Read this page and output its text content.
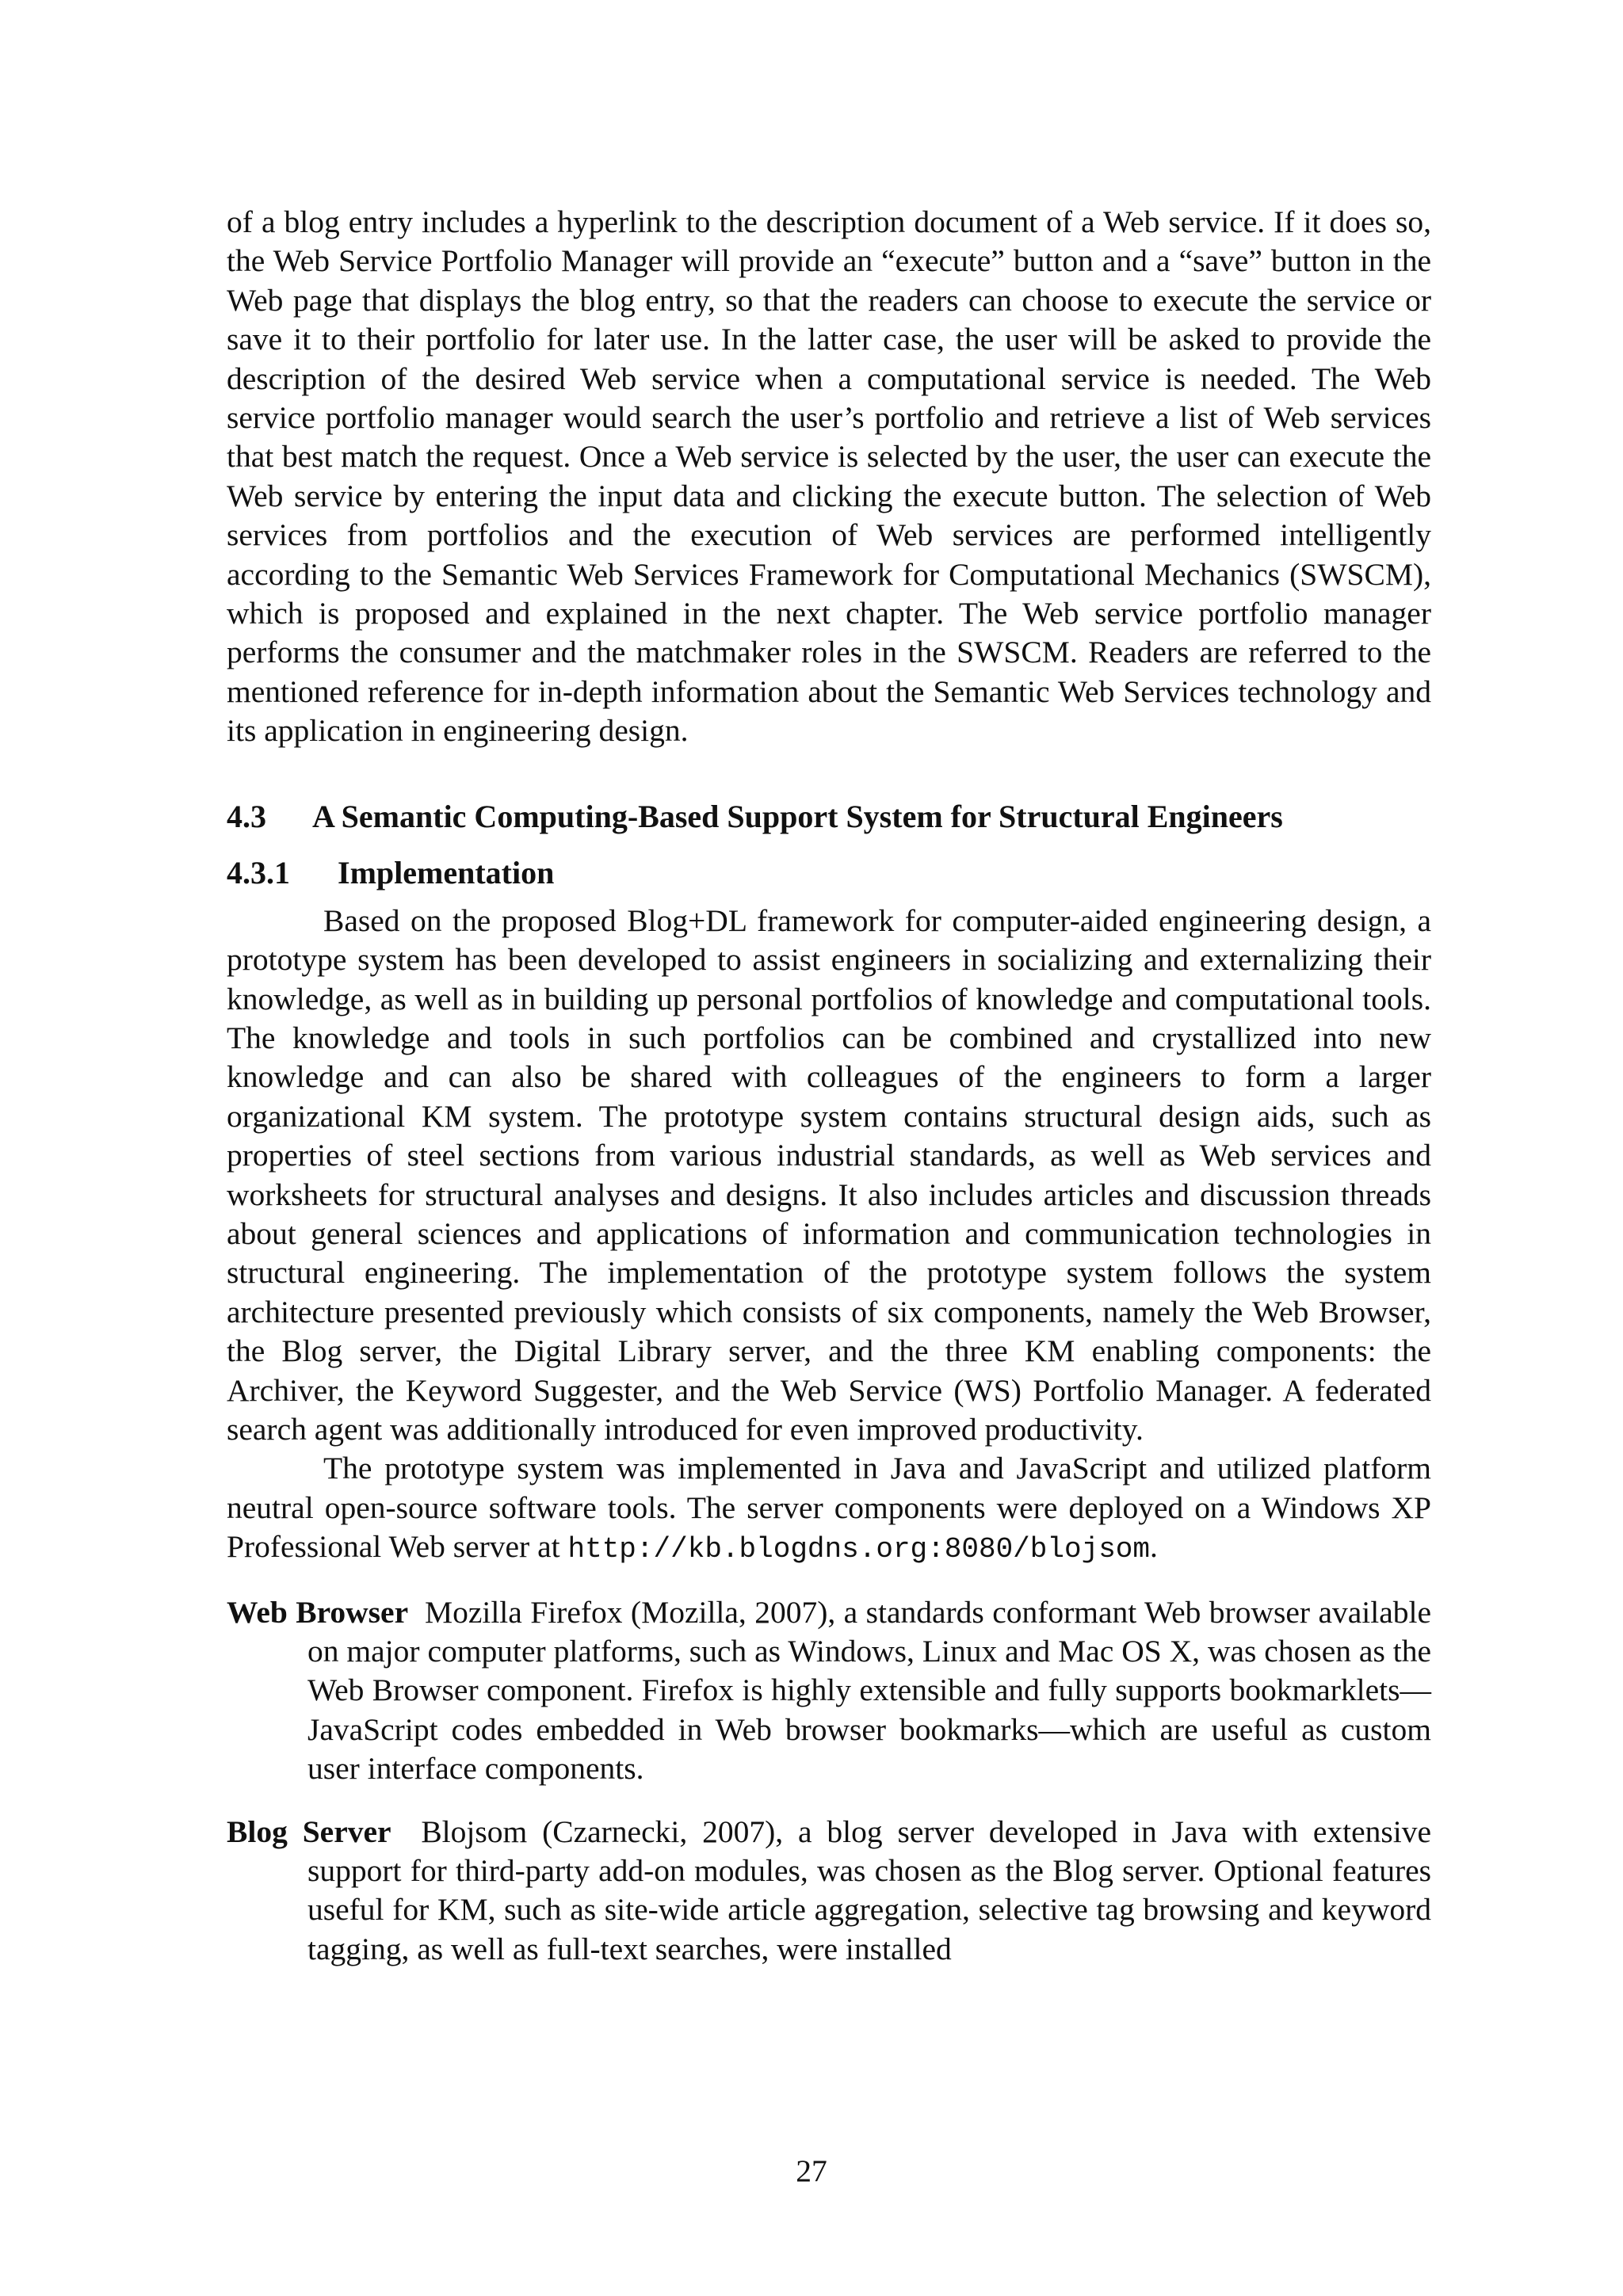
of a blog entry includes a hyperlink to the description document of a Web service. If it does so, the Web Service Portfolio Manager will provide an “execute” button and a “save” button in the Web page that displays the blog entry, so that the readers can choose to execute the service or save it to their portfolio for later use. In the latter case, the user will be asked to provide the description of the desired Web service when a computational service is needed. The Web service portfolio manager would search the user’s portfolio and retrieve a list of Web services that best match the request. Once a Web service is selected by the user, the user can execute the Web service by entering the input data and clicking the execute button. The selection of Web services from portfolios and the execution of Web services are performed intelligently according to the Semantic Web Services Framework for Computational Mechanics (SWSCM), which is proposed and explained in the next chapter. The Web service portfolio manager performs the consumer and the matchmaker roles in the SWSCM. Readers are referred to the mentioned reference for in-depth information about the Semantic Web Services technology and its application in engineering design.

4.3	A Semantic Computing-Based Support System for Structural Engineers
4.3.1	Implementation

Based on the proposed Blog+DL framework for computer-aided engineering design, a prototype system has been developed to assist engineers in socializing and externalizing their knowledge, as well as in building up personal portfolios of knowledge and computational tools. The knowledge and tools in such portfolios can be combined and crystallized into new knowledge and can also be shared with colleagues of the engineers to form a larger organizational KM system. The prototype system contains structural design aids, such as properties of steel sections from various industrial standards, as well as Web services and worksheets for structural analyses and designs. It also includes articles and discussion threads about general sciences and applications of information and communication technologies in structural engineering. The implementation of the prototype system follows the system architecture presented previously which consists of six components, namely the Web Browser, the Blog server, the Digital Library server, and the three KM enabling components: the Archiver, the Keyword Suggester, and the Web Service (WS) Portfolio Manager. A federated search agent was additionally introduced for even improved productivity.

The prototype system was implemented in Java and JavaScript and utilized platform neutral open-source software tools. The server components were deployed on a Windows XP Professional Web server at http://kb.blogdns.org:8080/blojsom.

Web Browser Mozilla Firefox (Mozilla, 2007), a standards conformant Web browser available on major computer platforms, such as Windows, Linux and Mac OS X, was chosen as the Web Browser component. Firefox is highly extensible and fully supports bookmarklets—JavaScript codes embedded in Web browser bookmarks—which are useful as custom user interface components.

Blog Server Blojsom (Czarnecki, 2007), a blog server developed in Java with extensive support for third-party add-on modules, was chosen as the Blog server. Optional features useful for KM, such as site-wide article aggregation, selective tag browsing and keyword tagging, as well as full-text searches, were installed

27
